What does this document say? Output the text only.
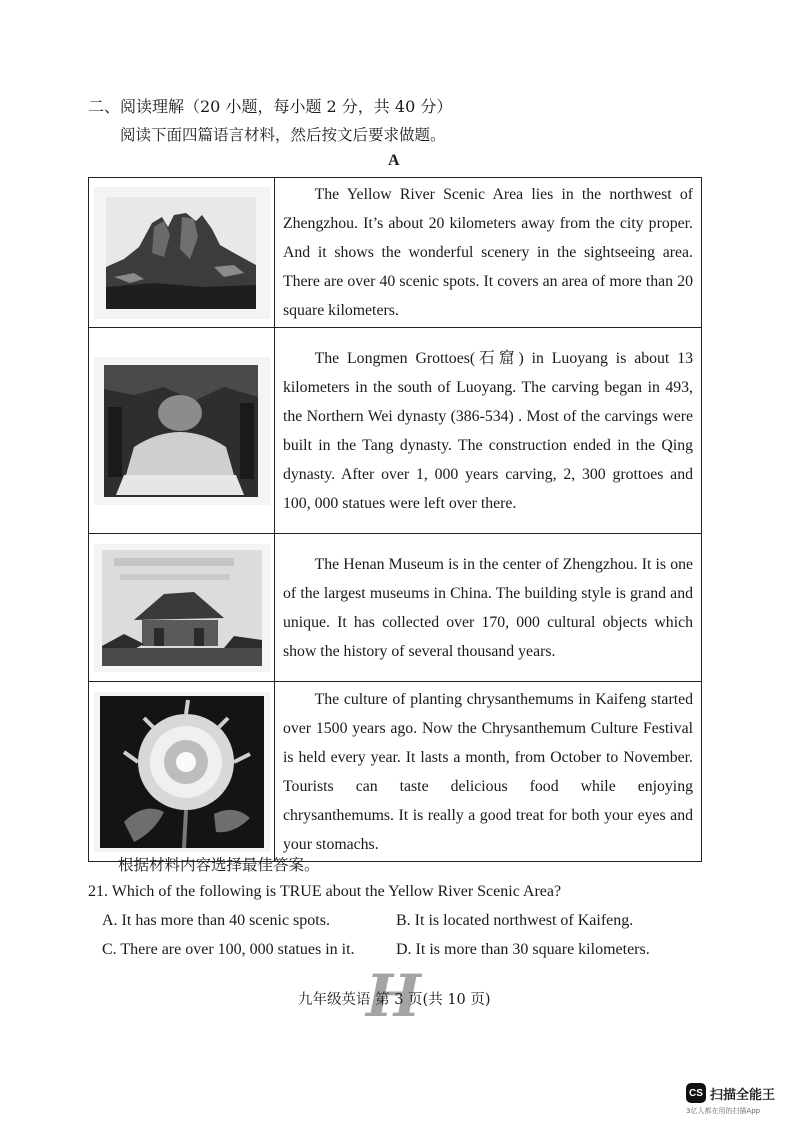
二、阅读理解（20 小题，每小题 2 分，共 40 分）
阅读下面四篇语言材料，然后按文后要求做题。
A

The Yellow River Scenic Area lies in the northwest of Zhengzhou. It’s about 20 kilometers away from the city proper. And it shows the wonderful scenery in the sightseeing area. There are over 40 scenic spots. It covers an area of more than 20 square kilometers.

The Longmen Grottoes(石窟) in Luoyang is about 13 kilometers in the south of Luoyang. The carving began in 493, the Northern Wei dynasty (386-534) . Most of the carvings were built in the Tang dynasty. The construction ended in the Qing dynasty. After over 1, 000 years carving, 2, 300 grottoes and 100, 000 statues were left over there.

The Henan Museum is in the center of Zhengzhou. It is one of the largest museums in China. The building style is grand and unique. It has collected over 170, 000 cultural objects which show the history of several thousand years.

The culture of planting chrysanthemums in Kaifeng started over 1500 years ago. Now the Chrysanthemum Culture Festival is held every year. It lasts a month, from October to November. Tourists can taste delicious food while enjoying chrysanthemums. It is really a good treat for both your eyes and your stomachs.

根据材料内容选择最佳答案。
21. Which of the following is TRUE about the Yellow River Scenic Area?
A. It has more than 40 scenic spots.	B. It is located northwest of Kaifeng.
C. There are over 100, 000 statues in it.	D. It is more than 30 square kilometers.
H
九年级英语 第 3 页(共 10 页)
CS 扫描全能王
3亿人都在用的扫描App
